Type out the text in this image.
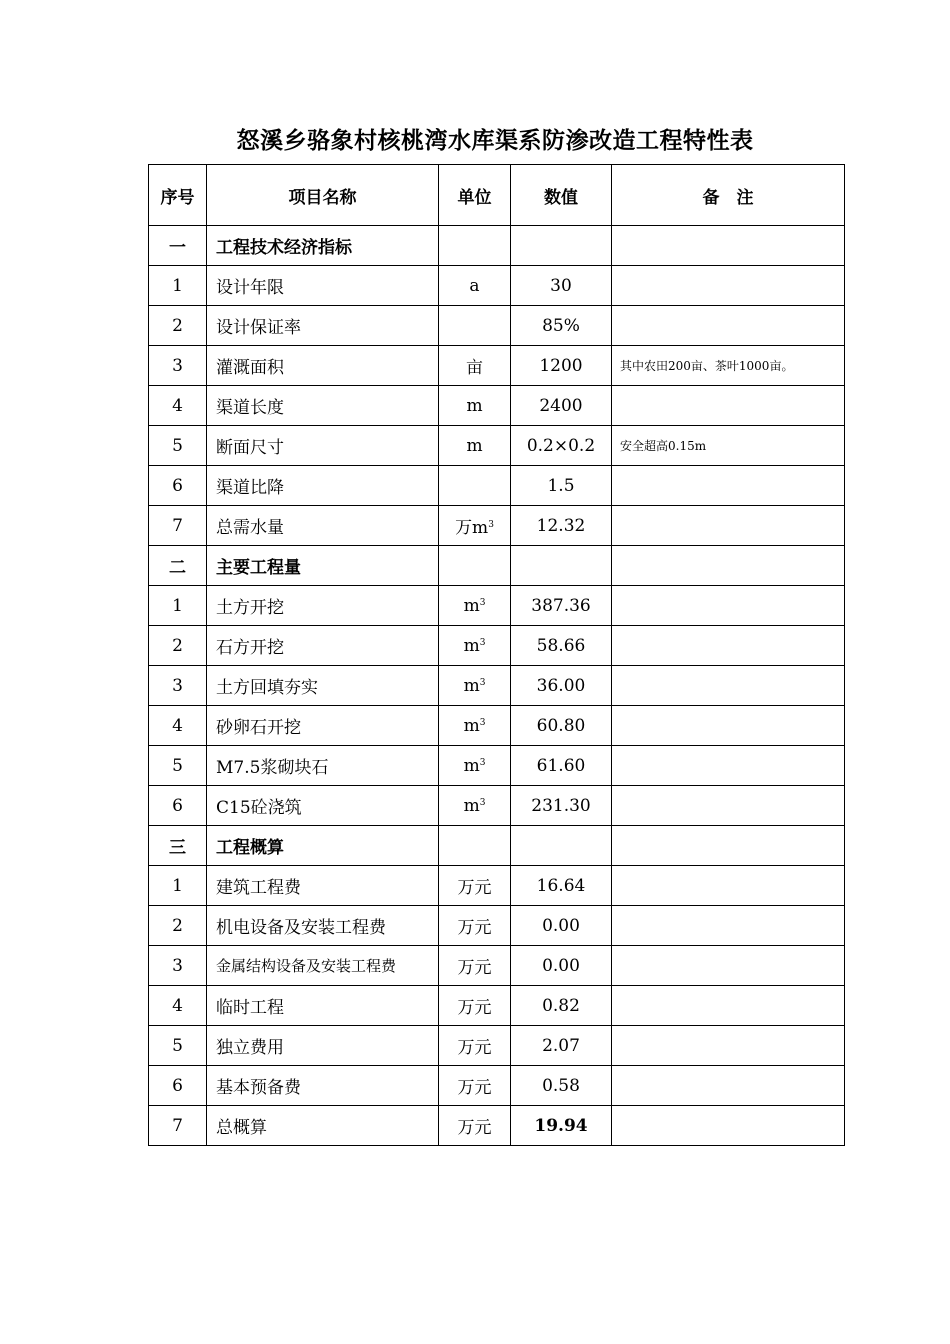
怒溪乡骆象村核桃湾水库渠系防渗改造工程特性表
序号	项目名称	单位	数值	备　注
一	工程技术经济指标			
1	设计年限	a	30	
2	设计保证率		85%	
3	灌溉面积	亩	1200	其中农田200亩、茶叶1000亩。
4	渠道长度	m	2400	
5	断面尺寸	m	0.2×0.2	安全超高0.15m
6	渠道比降		1.5	
7	总需水量	万$m^3$	12.32	
二	主要工程量			
1	土方开挖	$m^3$	387.36	
2	石方开挖	$m^3$	58.66	
3	土方回填夯实	$m^3$	36.00	
4	砂卵石开挖	$m^3$	60.80	
5	M7.5浆砌块石	$m^3$	61.60	
6	C15砼浇筑	$m^3$	231.30	
三	工程概算			
1	建筑工程费	万元	16.64	
2	机电设备及安装工程费	万元	0.00	
3	金属结构设备及安装工程费	万元	0.00	
4	临时工程	万元	0.82	
5	独立费用	万元	2.07	
6	基本预备费	万元	0.58	
7	总概算	万元	19.94	
